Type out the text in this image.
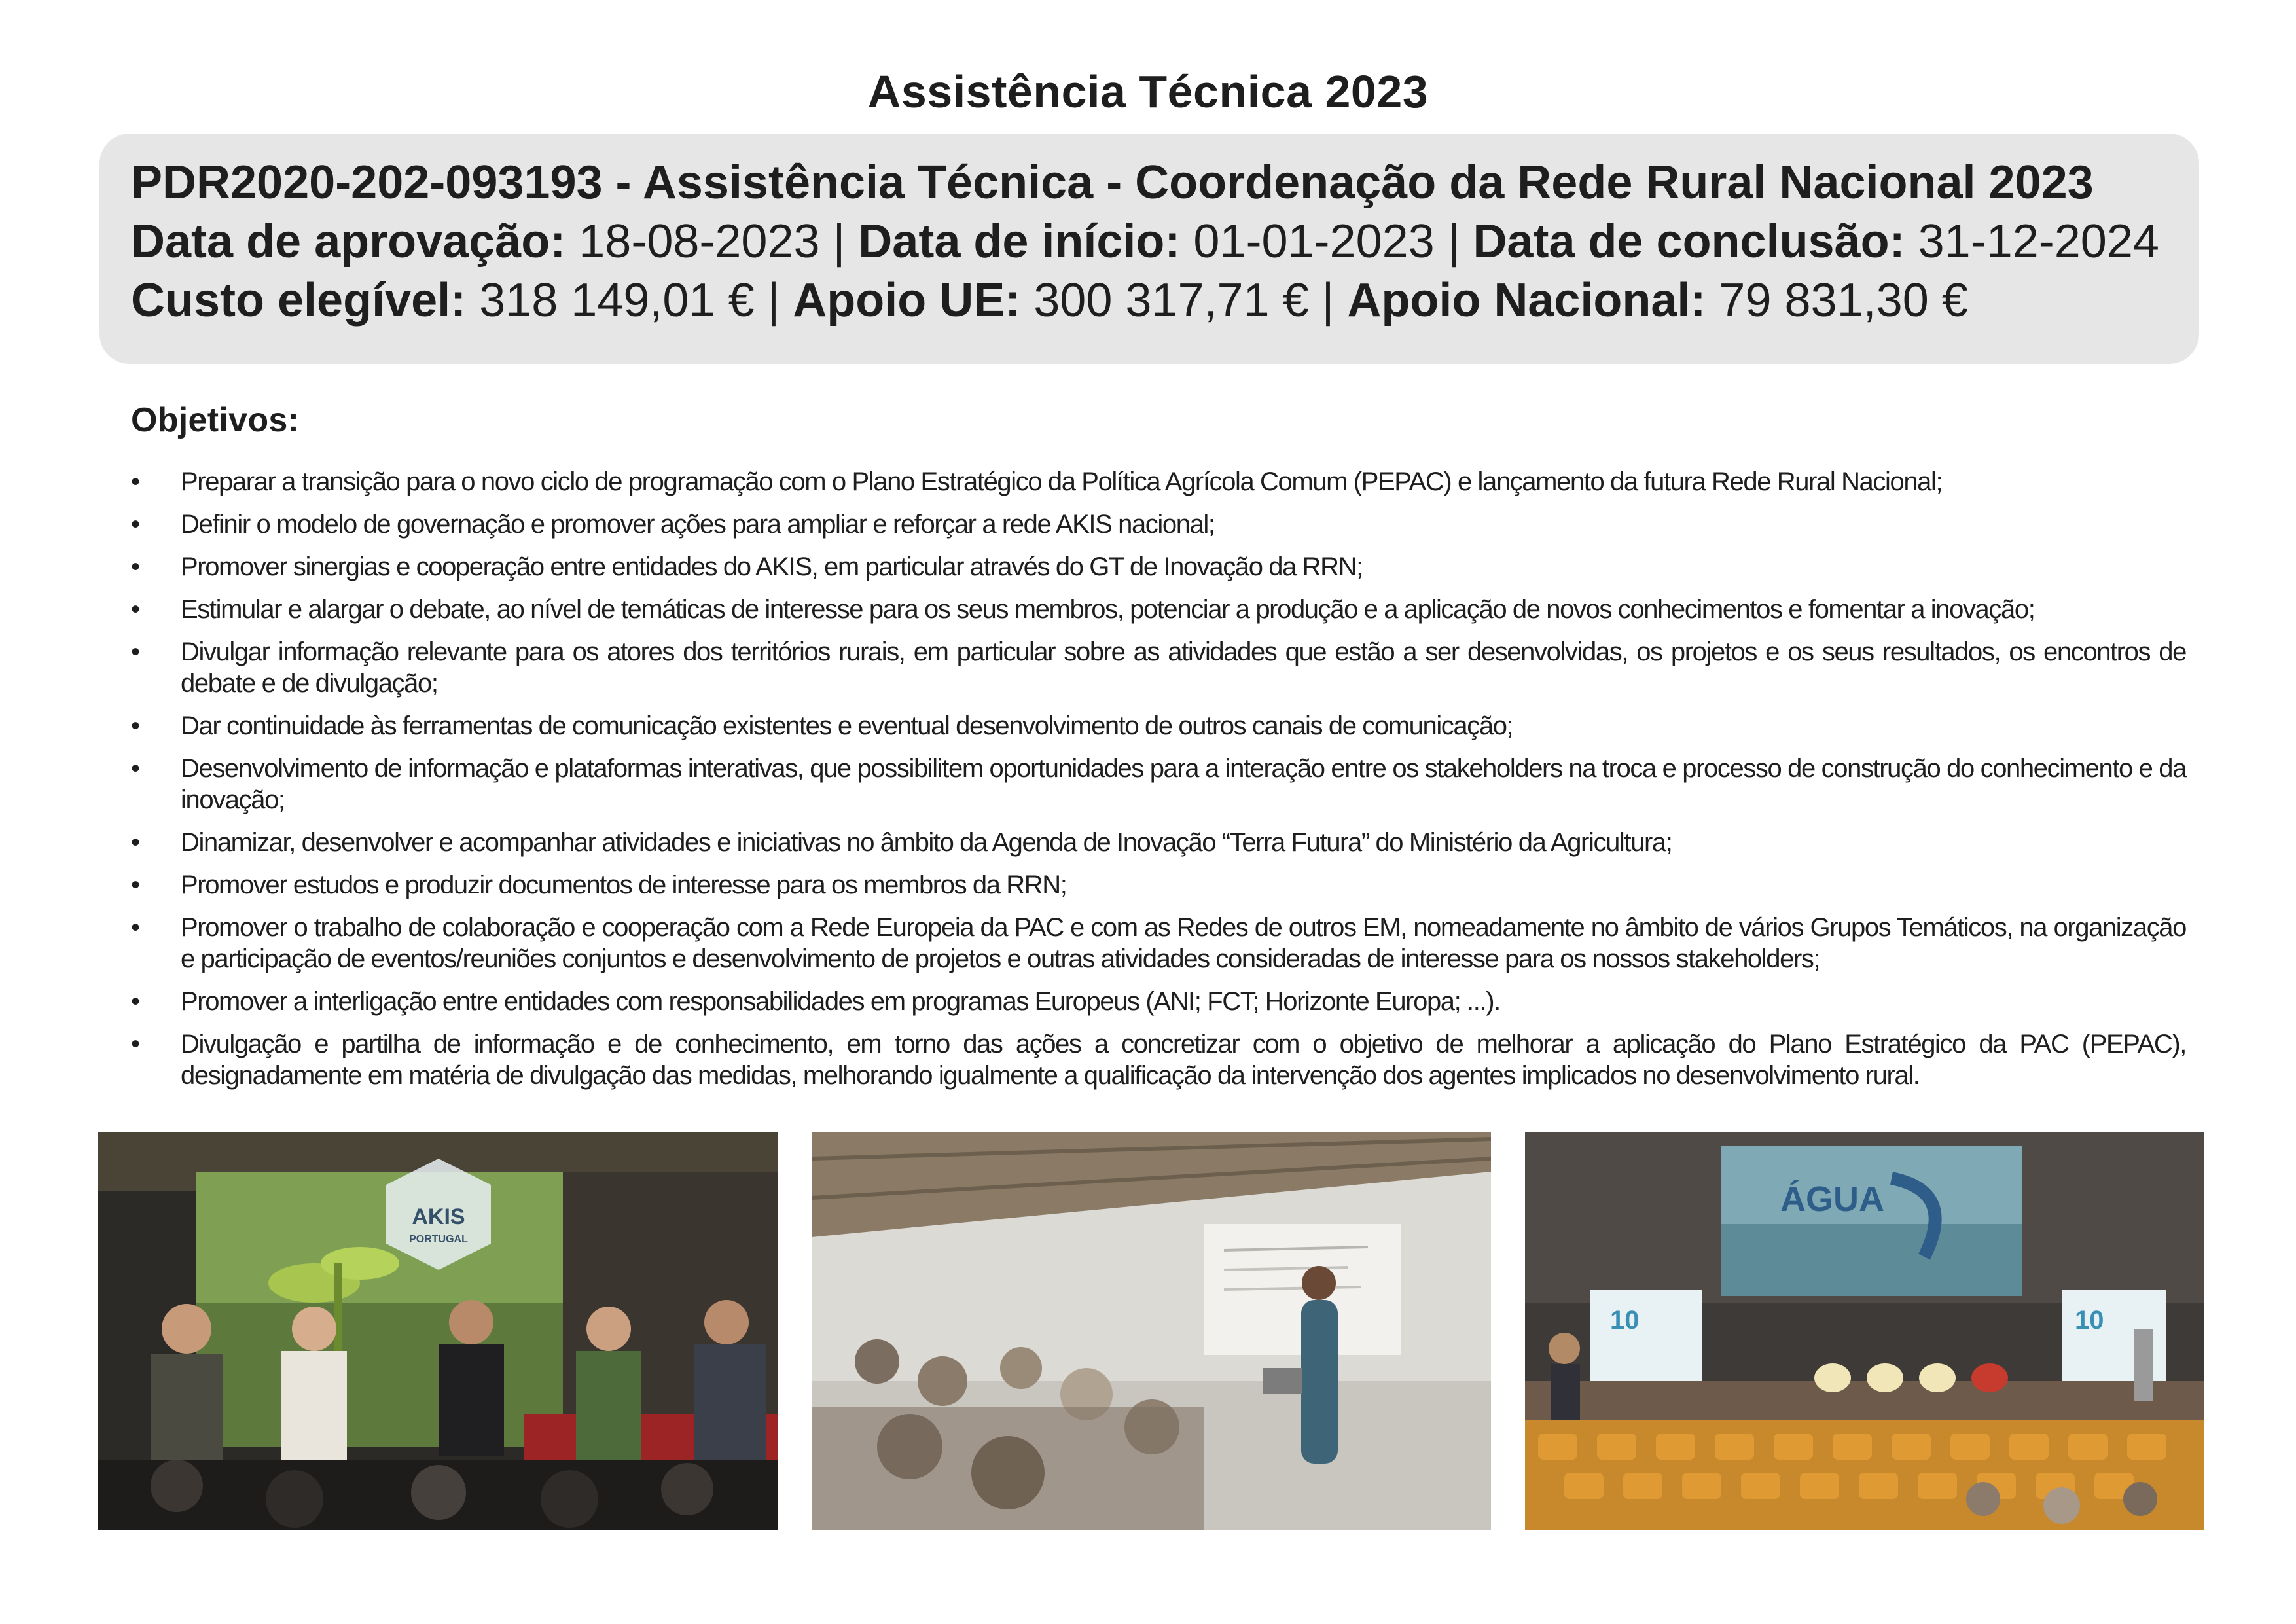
Assistência Técnica 2023
PDR2020-202-093193 - Assistência Técnica - Coordenação da Rede Rural Nacional 2023
Data de aprovação: 18-08-2023 | Data de início: 01-01-2023 | Data de conclusão: 31-12-2024
Custo elegível: 318 149,01 € | Apoio UE: 300 317,71 € | Apoio Nacional: 79 831,30 €
Objetivos:
• Preparar a transição para o novo ciclo de programação com o Plano Estratégico da Política Agrícola Comum (PEPAC) e lançamento da futura Rede Rural Nacional;
• Definir o modelo de governação e promover ações para ampliar e reforçar a rede AKIS nacional;
• Promover sinergias e cooperação entre entidades do AKIS, em particular através do GT de Inovação da RRN;
• Estimular e alargar o debate, ao nível de temáticas de interesse para os seus membros, potenciar a produção e a aplicação de novos conhecimentos e fomentar a inovação;
• Divulgar informação relevante para os atores dos territórios rurais, em particular sobre as atividades que estão a ser desenvolvidas, os projetos e os seus resultados, os encontros de debate e de divulgação;
• Dar continuidade às ferramentas de comunicação existentes e eventual desenvolvimento de outros canais de comunicação;
• Desenvolvimento de informação e plataformas interativas, que possibilitem oportunidades para a interação entre os stakeholders na troca e processo de construção do conhecimento e da inovação;
• Dinamizar, desenvolver e acompanhar atividades e iniciativas no âmbito da Agenda de Inovação “Terra Futura” do Ministério da Agricultura;
• Promover estudos e produzir documentos de interesse para os membros da RRN;
• Promover o trabalho de colaboração e cooperação com a Rede Europeia da PAC e com as Redes de outros EM, nomeadamente no âmbito de vários Grupos Temáticos, na organização e participação de eventos/reuniões conjuntos e desenvolvimento de projetos e outras atividades consideradas de interesse para os nossos stakeholders;
• Promover a interligação entre entidades com responsabilidades em programas Europeus (ANI; FCT; Horizonte Europa; ...).
• Divulgação e partilha de informação e de conhecimento, em torno das ações a concretizar com o objetivo de melhorar a aplicação do Plano Estratégico da PAC (PEPAC), designadamente em matéria de divulgação das medidas, melhorando igualmente a qualificação da intervenção dos agentes implicados no desenvolvimento rural.
AKIS
PORTUGAL
ÁGUA
10	10
